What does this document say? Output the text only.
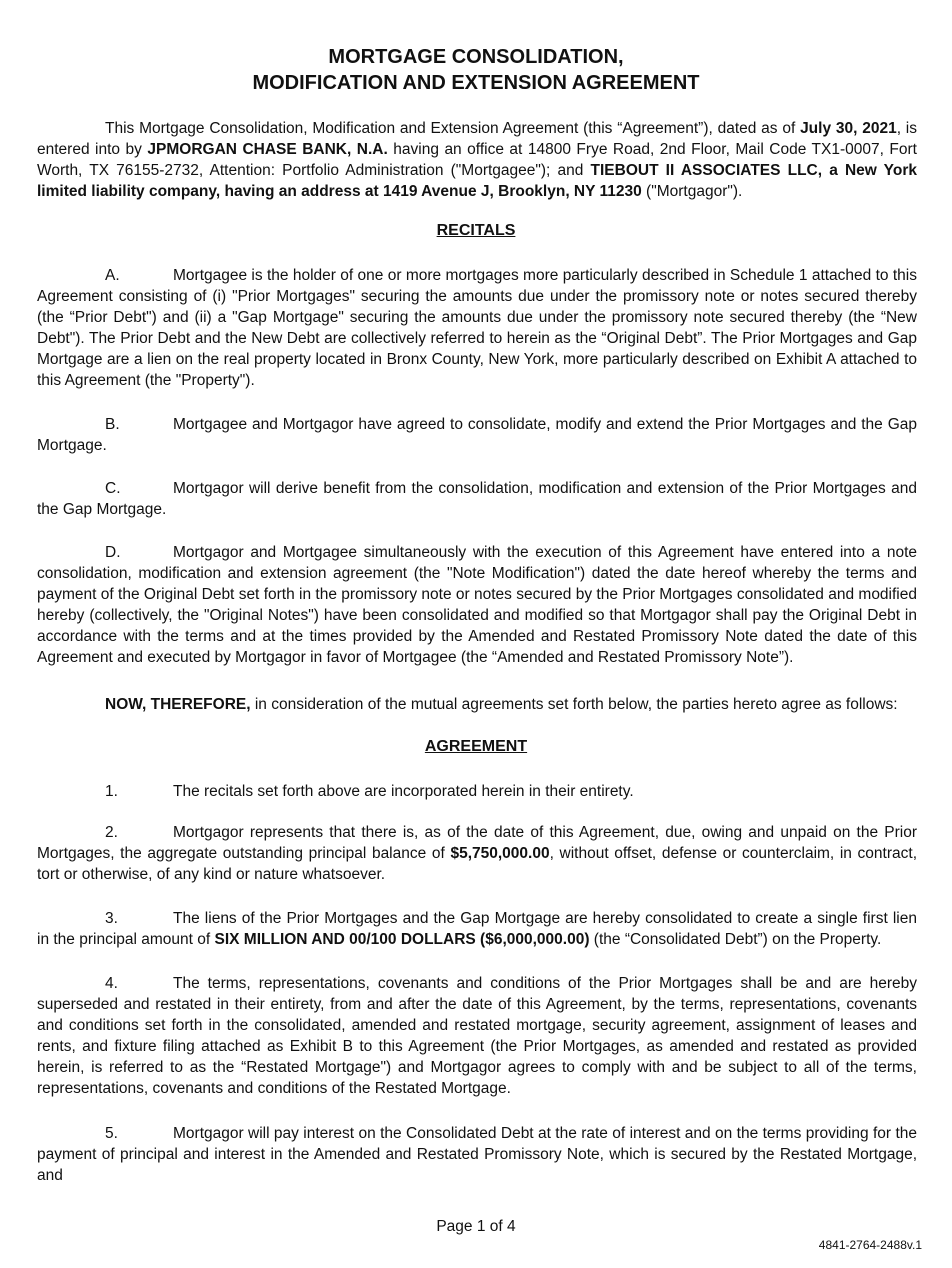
MORTGAGE CONSOLIDATION,
MODIFICATION AND EXTENSION AGREEMENT

This Mortgage Consolidation, Modification and Extension Agreement (this “Agreement”), dated as of July 30, 2021, is entered into by JPMORGAN CHASE BANK, N.A. having an office at 14800 Frye Road, 2nd Floor, Mail Code TX1-0007, Fort Worth, TX 76155-2732, Attention: Portfolio Administration ("Mortgagee"); and TIEBOUT II ASSOCIATES LLC, a New York limited liability company, having an address at 1419 Avenue J, Brooklyn, NY 11230 ("Mortgagor").

RECITALS

A.	Mortgagee is the holder of one or more mortgages more particularly described in Schedule 1 attached to this Agreement consisting of (i) "Prior Mortgages" securing the amounts due under the promissory note or notes secured thereby (the “Prior Debt") and (ii) a "Gap Mortgage" securing the amounts due under the promissory note secured thereby (the “New Debt"). The Prior Debt and the New Debt are collectively referred to herein as the “Original Debt”. The Prior Mortgages and Gap Mortgage are a lien on the real property located in Bronx County, New York, more particularly described on Exhibit A attached to this Agreement (the "Property").

B.	Mortgagee and Mortgagor have agreed to consolidate, modify and extend the Prior Mortgages and the Gap Mortgage.

C.	Mortgagor will derive benefit from the consolidation, modification and extension of the Prior Mortgages and the Gap Mortgage.

D.	Mortgagor and Mortgagee simultaneously with the execution of this Agreement have entered into a note consolidation, modification and extension agreement (the "Note Modification") dated the date hereof whereby the terms and payment of the Original Debt set forth in the promissory note or notes secured by the Prior Mortgages consolidated and modified hereby (collectively, the "Original Notes") have been consolidated and modified so that Mortgagor shall pay the Original Debt in accordance with the terms and at the times provided by the Amended and Restated Promissory Note dated the date of this Agreement and executed by Mortgagor in favor of Mortgagee (the “Amended and Restated Promissory Note”).

NOW, THEREFORE, in consideration of the mutual agreements set forth below, the parties hereto agree as follows:

AGREEMENT

1.	The recitals set forth above are incorporated herein in their entirety.

2.	Mortgagor represents that there is, as of the date of this Agreement, due, owing and unpaid on the Prior Mortgages, the aggregate outstanding principal balance of $5,750,000.00, without offset, defense or counterclaim, in contract, tort or otherwise, of any kind or nature whatsoever.

3.	The liens of the Prior Mortgages and the Gap Mortgage are hereby consolidated to create a single first lien in the principal amount of SIX MILLION AND 00/100 DOLLARS ($6,000,000.00) (the “Consolidated Debt”) on the Property.

4.	The terms, representations, covenants and conditions of the Prior Mortgages shall be and are hereby superseded and restated in their entirety, from and after the date of this Agreement, by the terms, representations, covenants and conditions set forth in the consolidated, amended and restated mortgage, security agreement, assignment of leases and rents, and fixture filing attached as Exhibit B to this Agreement (the Prior Mortgages, as amended and restated as provided herein, is referred to as the “Restated Mortgage") and Mortgagor agrees to comply with and be subject to all of the terms, representations, covenants and conditions of the Restated Mortgage.

5.	Mortgagor will pay interest on the Consolidated Debt at the rate of interest and on the terms providing for the payment of principal and interest in the Amended and Restated Promissory Note, which is secured by the Restated Mortgage, and

Page 1 of 4
4841-2764-2488v.1
